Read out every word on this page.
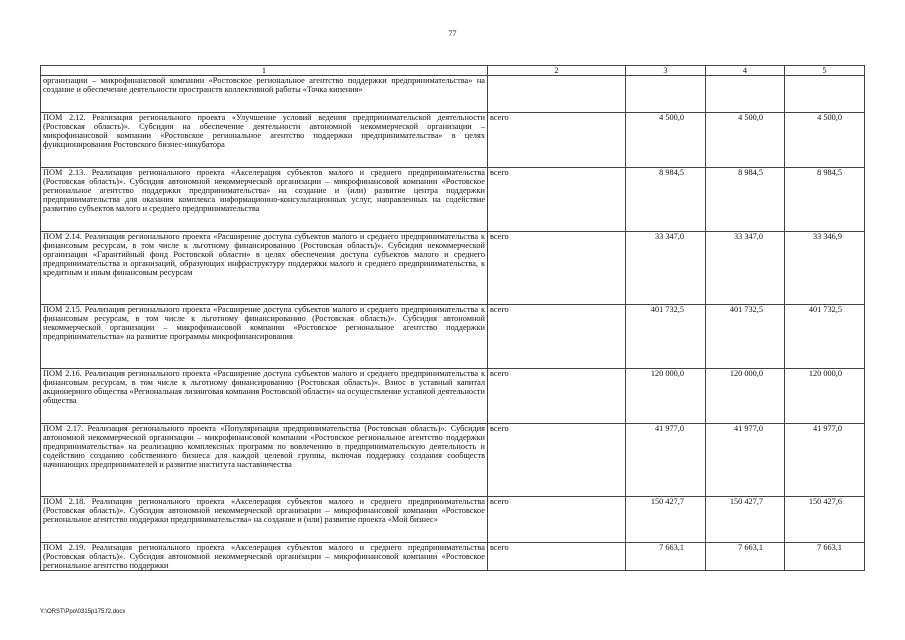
77
1	2	3	4	5
организации – микрофинансовой компании «Ростовское региональное агентство поддержки предпринимательства» на создание и обеспечение деятельности пространств коллективной работы «Точка кипения»				
ПОМ 2.12. Реализация регионального проекта «Улучшение условий ведения предпринимательской деятельности (Ростовская область)». Субсидия на обеспечение деятельности автономной некоммерческой организации – микрофинансовой компании «Ростовское региональное агентство поддержки предпринимательства» в целях функционирования Ростовского бизнес-инкубатора	всего	4 500,0	4 500,0	4 500,0
ПОМ 2.13. Реализация регионального проекта «Акселерация субъектов малого и среднего предпринимательства (Ростовская область)». Субсидия автономной некоммерческой организации – микрофинансовой компании «Ростовское региональное агентство поддержки предпринимательства» на создание и (или) развитие центра поддержки предпринимательства для оказания комплекса информационно-консультационных услуг, направленных на содействие развитию субъектов малого и среднего предпринимательства	всего	8 984,5	8 984,5	8 984,5
ПОМ 2.14. Реализация регионального проекта «Расширение доступа субъектов малого и среднего предпринимательства к финансовым ресурсам, в том числе к льготному финансированию (Ростовская область)». Субсидия некоммерческой организации «Гарантийный фонд Ростовской области» в целях обеспечения доступа субъектов малого и среднего предпринимательства и организаций, образующих инфраструктуру поддержки малого и среднего предпринимательства, к кредитным и иным финансовым ресурсам	всего	33 347,0	33 347,0	33 346,9
ПОМ 2.15. Реализация регионального проекта «Расширение доступа субъектов малого и среднего предпринимательства к финансовым ресурсам, в том числе к льготному финансированию (Ростовская область)». Субсидия автономной некоммерческой организации – микрофинансовой компании «Ростовское региональное агентство поддержки предпринимательства» на развитие программы микрофинансирования	всего	401 732,5	401 732,5	401 732,5
ПОМ 2.16. Реализация регионального проекта «Расширение доступа субъектов малого и среднего предпринимательства к финансовым ресурсам, в том числе к льготному финансированию (Ростовская область)». Взнос в уставный капитал акционерного общества «Региональная лизинговая компания Ростовской области» на осуществление уставной деятельности общества	всего	120 000,0	120 000,0	120 000,0
ПОМ 2.17. Реализация регионального проекта «Популяризация предпринимательства (Ростовская область)». Субсидия автономной некоммерческой организации – микрофинансовой компании «Ростовское региональное агентство поддержки предпринимательства» на реализацию комплексных программ по вовлечению в предпринимательскую деятельность и содействию созданию собственного бизнеса для каждой целевой группы, включая поддержку создания сообществ начинающих предпринимателей и развитие института наставничества	всего	41 977,0	41 977,0	41 977,0
ПОМ 2.18. Реализация регионального проекта «Акселерация субъектов малого и среднего предпринимательства (Ростовская область)». Субсидия автономной некоммерческой организации – микрофинансовой компании «Ростовское региональное агентство поддержки предпринимательства» на создание и (или) развитие проекта «Мой бизнес»	всего	150 427,7	150 427,7	150 427,6
ПОМ 2.19. Реализация регионального проекта «Акселерация субъектов малого и среднего предпринимательства (Ростовская область)». Субсидия автономной некоммерческой организации – микрофинансовой компании «Ростовское региональное агентство поддержки	всего	7 663,1	7 663,1	7 663,1
Y:\ORST\Ppo\0315p175.f2.docx
